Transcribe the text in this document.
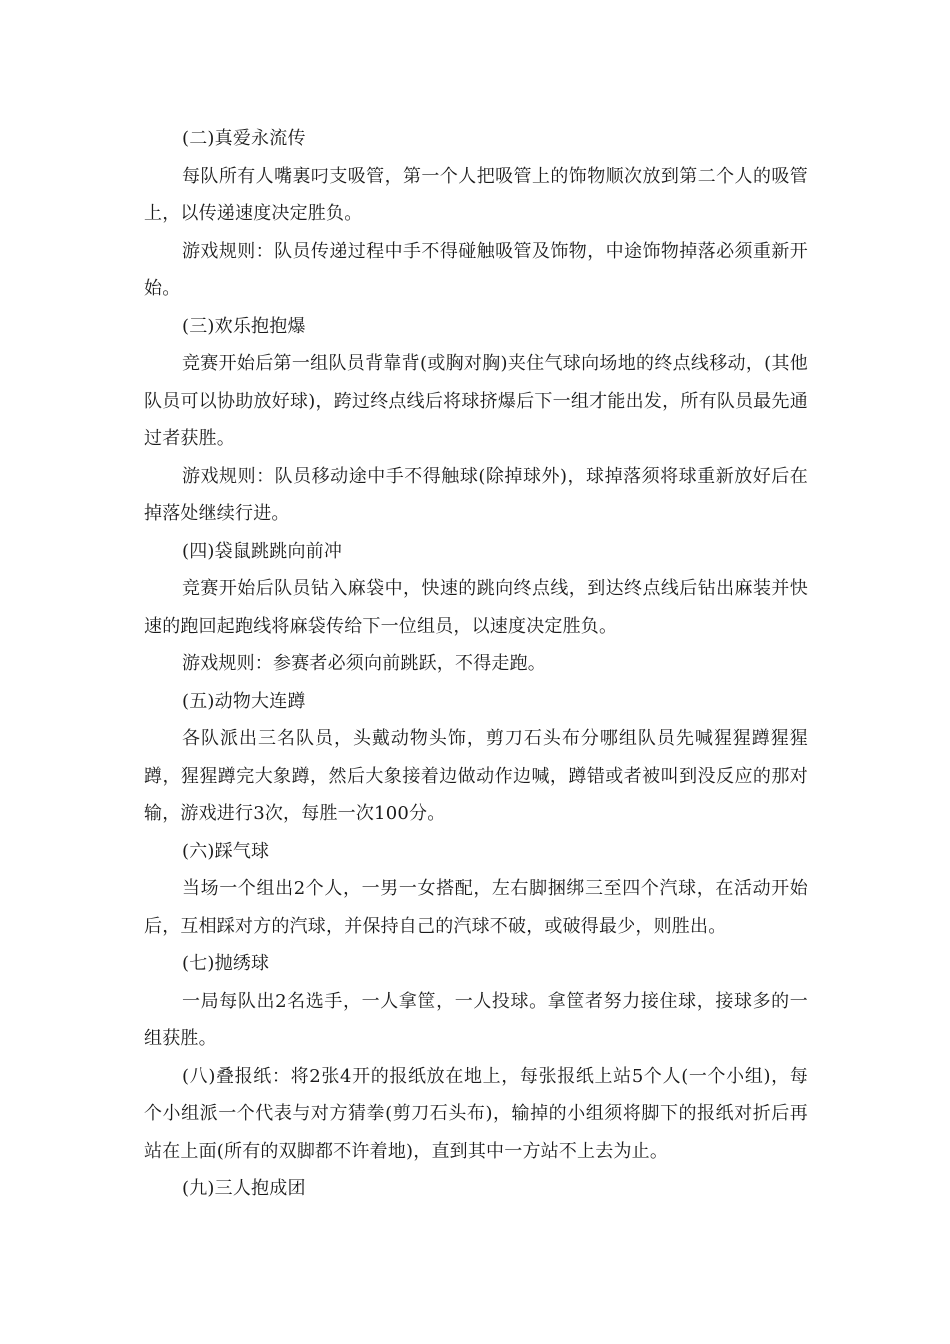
(二)真爱永流传

每队所有人嘴裏叼支吸管，第一个人把吸管上的饰物顺次放到第二个人的吸管上，以传递速度决定胜负。

游戏规则：队员传递过程中手不得碰触吸管及饰物，中途饰物掉落必须重新开始。

(三)欢乐抱抱爆

竞赛开始后第一组队员背靠背(或胸对胸)夹住气球向场地的终点线移动，(其他队员可以协助放好球)，跨过终点线后将球挤爆后下一组才能出发，所有队员最先通过者获胜。

游戏规则：队员移动途中手不得触球(除掉球外)，球掉落须将球重新放好后在掉落处继续行进。

(四)袋鼠跳跳向前冲

竞赛开始后队员钻入麻袋中，快速的跳向终点线，到达终点线后钻出麻装并快速的跑回起跑线将麻袋传给下一位组员，以速度决定胜负。

游戏规则：参赛者必须向前跳跃，不得走跑。

(五)动物大连蹲

各队派出三名队员，头戴动物头饰，剪刀石头布分哪组队员先喊猩猩蹲猩猩蹲，猩猩蹲完大象蹲，然后大象接着边做动作边喊，蹲错或者被叫到没反应的那对输，游戏进行3次，每胜一次100分。

(六)踩气球

当场一个组出2个人，一男一女搭配，左右脚捆绑三至四个汽球，在活动开始后，互相踩对方的汽球，并保持自己的汽球不破，或破得最少，则胜出。

(七)抛绣球

一局每队出2名选手，一人拿筐，一人投球。拿筐者努力接住球，接球多的一组获胜。

(八)叠报纸：将2张4开的报纸放在地上，每张报纸上站5个人(一个小组)，每个小组派一个代表与对方猜拳(剪刀石头布)，输掉的小组须将脚下的报纸对折后再站在上面(所有的双脚都不许着地)，直到其中一方站不上去为止。

(九)三人抱成团
